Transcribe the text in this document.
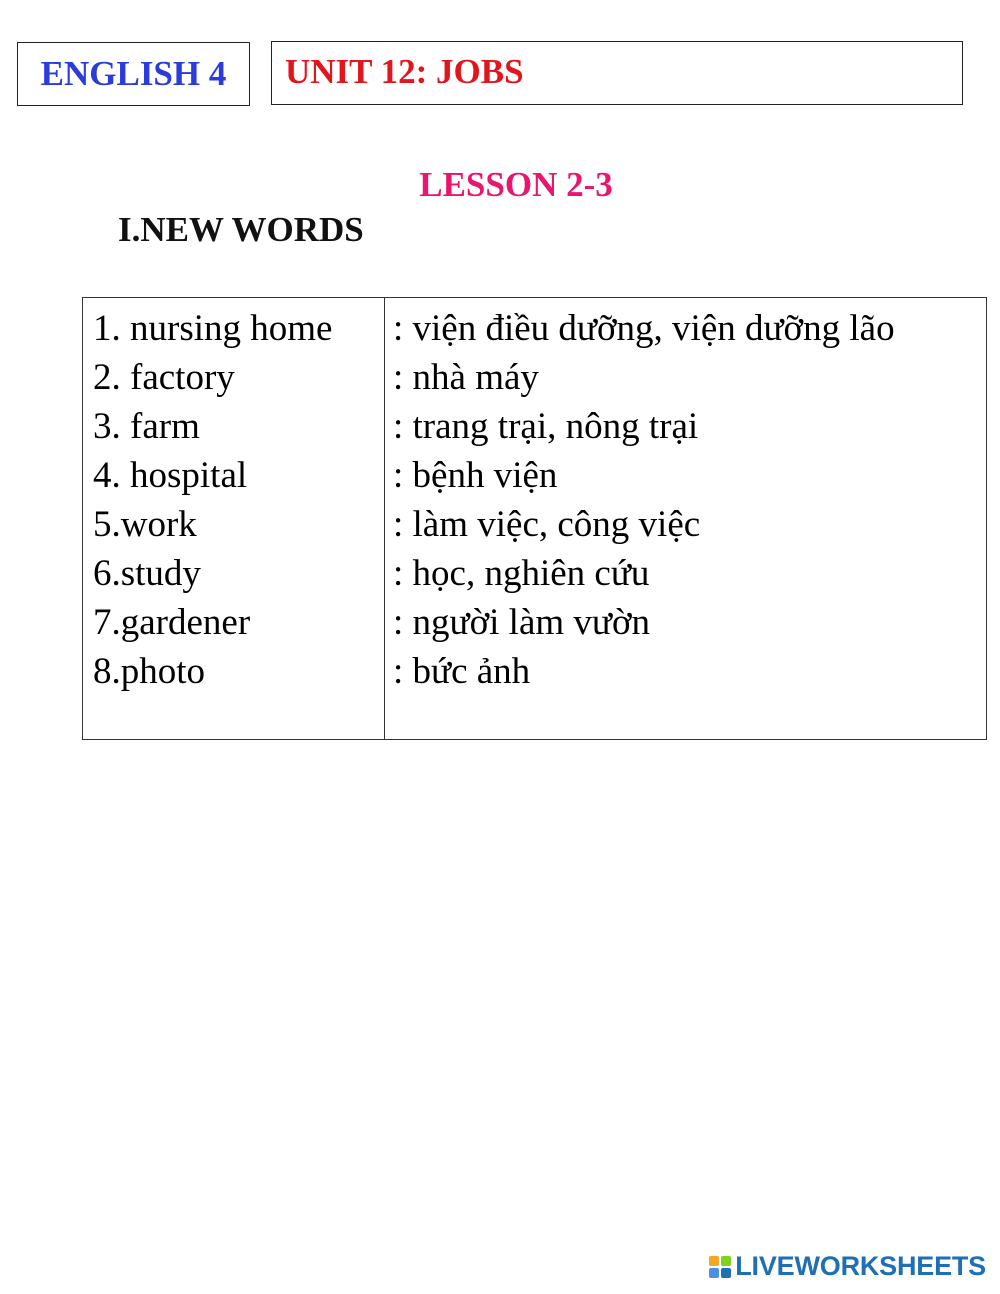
ENGLISH 4	UNIT 12: JOBS
LESSON 2-3
I.NEW WORDS
1. nursing home
2. factory
3. farm
4. hospital
5.work
6.study
7.gardener
8.photo
: viện điều dưỡng, viện dưỡng lão
: nhà máy
: trang trại, nông trại
: bệnh viện
: làm việc, công việc
: học, nghiên cứu
: người làm vườn
: bức ảnh
LIVEWORKSHEETS
